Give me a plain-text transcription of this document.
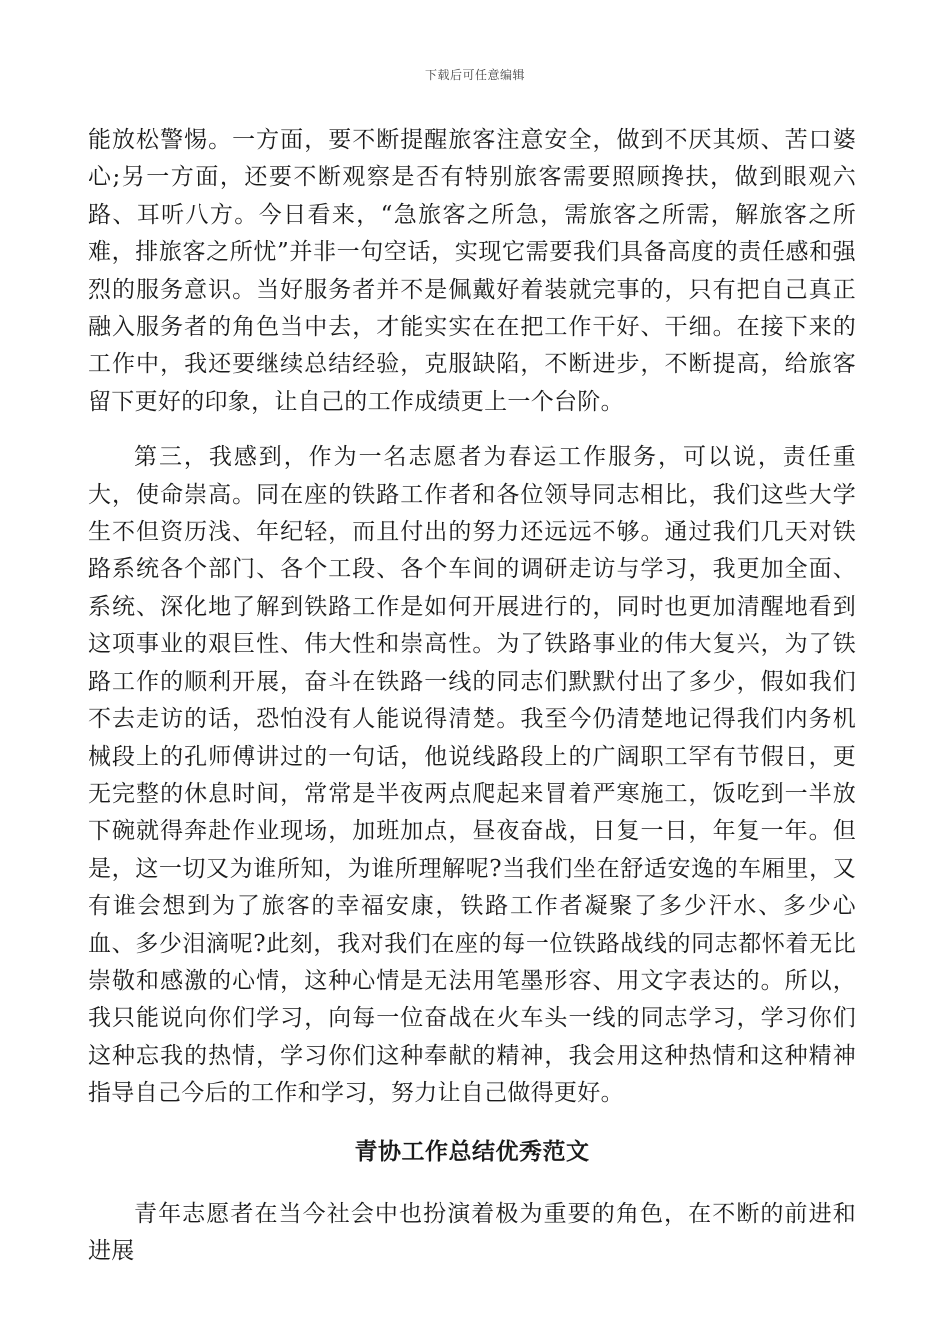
下载后可任意编辑

能放松警惕。一方面，要不断提醒旅客注意安全，做到不厌其烦、苦口婆心;另一方面，还要不断观察是否有特别旅客需要照顾搀扶，做到眼观六路、耳听八方。今日看来，“急旅客之所急，需旅客之所需，解旅客之所难，排旅客之所忧”并非一句空话，实现它需要我们具备高度的责任感和强烈的服务意识。当好服务者并不是佩戴好着装就完事的，只有把自己真正融入服务者的角色当中去，才能实实在在把工作干好、干细。在接下来的工作中，我还要继续总结经验，克服缺陷，不断进步，不断提高，给旅客留下更好的印象，让自己的工作成绩更上一个台阶。

第三，我感到，作为一名志愿者为春运工作服务，可以说，责任重大，使命崇高。同在座的铁路工作者和各位领导同志相比，我们这些大学生不但资历浅、年纪轻，而且付出的努力还远远不够。通过我们几天对铁路系统各个部门、各个工段、各个车间的调研走访与学习，我更加全面、系统、深化地了解到铁路工作是如何开展进行的，同时也更加清醒地看到这项事业的艰巨性、伟大性和崇高性。为了铁路事业的伟大复兴，为了铁路工作的顺利开展，奋斗在铁路一线的同志们默默付出了多少，假如我们不去走访的话，恐怕没有人能说得清楚。我至今仍清楚地记得我们内务机械段上的孔师傅讲过的一句话，他说线路段上的广阔职工罕有节假日，更无完整的休息时间，常常是半夜两点爬起来冒着严寒施工，饭吃到一半放下碗就得奔赴作业现场，加班加点，昼夜奋战，日复一日，年复一年。但是，这一切又为谁所知，为谁所理解呢?当我们坐在舒适安逸的车厢里，又有谁会想到为了旅客的幸福安康，铁路工作者凝聚了多少汗水、多少心血、多少泪滴呢?此刻，我对我们在座的每一位铁路战线的同志都怀着无比崇敬和感激的心情，这种心情是无法用笔墨形容、用文字表达的。所以，我只能说向你们学习，向每一位奋战在火车头一线的同志学习，学习你们这种忘我的热情，学习你们这种奉献的精神，我会用这种热情和这种精神指导自己今后的工作和学习，努力让自己做得更好。

青协工作总结优秀范文

青年志愿者在当今社会中也扮演着极为重要的角色，在不断的前进和进展
